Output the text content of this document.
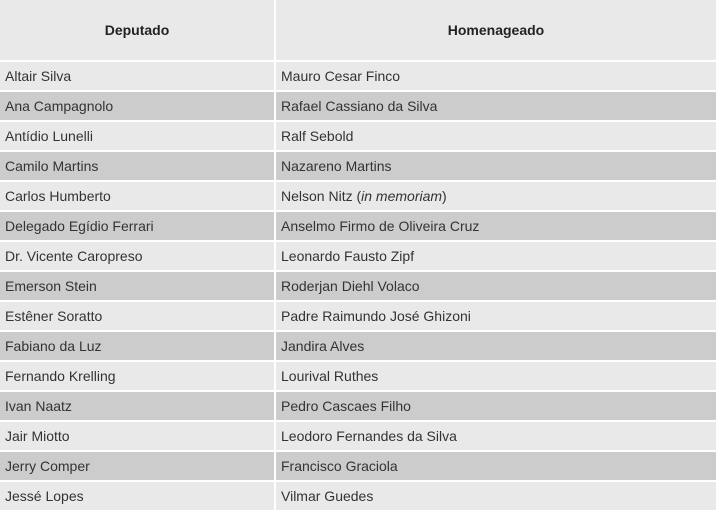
Deputado	Homenageado
Altair Silva	Mauro Cesar Finco
Ana Campagnolo	Rafael Cassiano da Silva
Antídio Lunelli	Ralf Sebold
Camilo Martins	Nazareno Martins
Carlos Humberto	Nelson Nitz (in memoriam)
Delegado Egídio Ferrari	Anselmo Firmo de Oliveira Cruz
Dr. Vicente Caropreso	Leonardo Fausto Zipf
Emerson Stein	Roderjan Diehl Volaco
Estêner Soratto	Padre Raimundo José Ghizoni
Fabiano da Luz	Jandira Alves
Fernando Krelling	Lourival Ruthes
Ivan Naatz	Pedro Cascaes Filho
Jair Miotto	Leodoro Fernandes da Silva
Jerry Comper	Francisco Graciola
Jessé Lopes	Vilmar Guedes
